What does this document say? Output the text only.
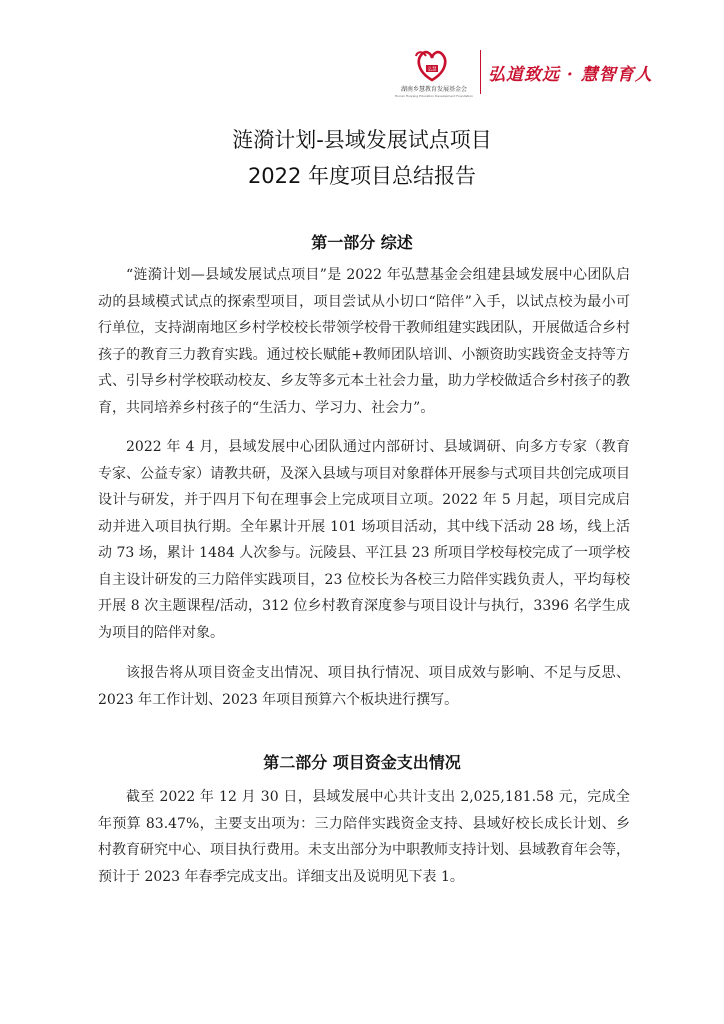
弘慧
湖南乡慧教育发展基金会
Hunan Huiyang Education Development Foundation
弘道致远 · 慧智育人
涟漪计划-县域发展试点项目
2022 年度项目总结报告
第一部分 综述

“涟漪计划—县域发展试点项目”是 2022 年弘慧基金会组建县域发展中心团队启动的县域模式试点的探索型项目，项目尝试从小切口“陪伴”入手，以试点校为最小可行单位，支持湖南地区乡村学校校长带领学校骨干教师组建实践团队，开展做适合乡村孩子的教育三力教育实践。通过校长赋能+教师团队培训、小额资助实践资金支持等方式、引导乡村学校联动校友、乡友等多元本土社会力量，助力学校做适合乡村孩子的教育，共同培养乡村孩子的“生活力、学习力、社会力”。

2022 年 4 月，县域发展中心团队通过内部研讨、县域调研、向多方专家（教育专家、公益专家）请教共研，及深入县域与项目对象群体开展参与式项目共创完成项目设计与研发，并于四月下旬在理事会上完成项目立项。2022 年 5 月起，项目完成启动并进入项目执行期。全年累计开展 101 场项目活动，其中线下活动 28 场，线上活动 73 场，累计 1484 人次参与。沅陵县、平江县 23 所项目学校每校完成了一项学校自主设计研发的三力陪伴实践项目，23 位校长为各校三力陪伴实践负责人，平均每校开展 8 次主题课程/活动，312 位乡村教育深度参与项目设计与执行，3396 名学生成为项目的陪伴对象。

该报告将从项目资金支出情况、项目执行情况、项目成效与影响、不足与反思、2023 年工作计划、2023 年项目预算六个板块进行撰写。

第二部分 项目资金支出情况

截至 2022 年 12 月 30 日，县域发展中心共计支出 2,025,181.58 元，完成全年预算 83.47%，主要支出项为：三力陪伴实践资金支持、县域好校长成长计划、乡村教育研究中心、项目执行费用。未支出部分为中职教师支持计划、县域教育年会等，预计于 2023 年春季完成支出。详细支出及说明见下表 1。
